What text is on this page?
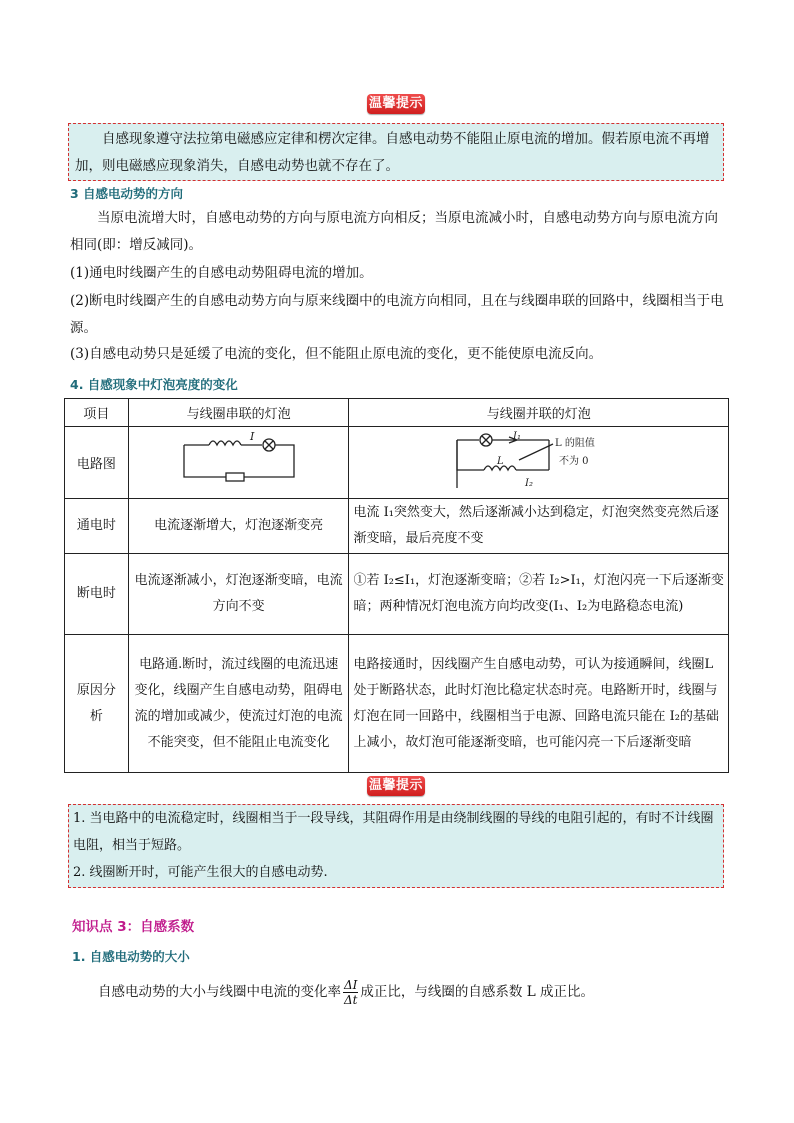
温馨提示
自感现象遵守法拉第电磁感应定律和楞次定律。自感电动势不能阻止原电流的增加。假若原电流不再增加，则电磁感应现象消失，自感电动势也就不存在了。
3 自感电动势的方向
当原电流增大时，自感电动势的方向与原电流方向相反；当原电流减小时，自感电动势方向与原电流方向相同(即：增反减同)。
(1)通电时线圈产生的自感电动势阻碍电流的增加。
(2)断电时线圈产生的自感电动势方向与原来线圈中的电流方向相同，且在与线圈串联的回路中，线圈相当于电源。
(3)自感电动势只是延缓了电流的变化，但不能阻止原电流的变化，更不能使原电流反向。
4. 自感现象中灯泡亮度的变化
项目	与线圈串联的灯泡	与线圈并联的灯泡
电路图	I	I₁
L
I₂
L 的阻值
不为 0

通电时	电流逐渐增大，灯泡逐渐变亮	电流 I₁突然变大，然后逐渐减小达到稳定，灯泡突然变亮然后逐渐变暗，最后亮度不变
断电时	电流逐渐减小，灯泡逐渐变暗，电流方向不变	①若 I₂≤I₁，灯泡逐渐变暗；②若 I₂>I₁，灯泡闪亮一下后逐渐变暗；两种情况灯泡电流方向均改变(I₁、I₂为电路稳态电流)
原因分析	电路通.断时，流过线圈的电流迅速变化，线圈产生自感电动势，阻碍电流的增加或减少，使流过灯泡的电流不能突变，但不能阻止电流变化	电路接通时，因线圈产生自感电动势，可认为接通瞬间，线圈L处于断路状态，此时灯泡比稳定状态时亮。电路断开时，线圈与灯泡在同一回路中，线圈相当于电源、回路电流只能在 I₂的基础上减小，故灯泡可能逐渐变暗，也可能闪亮一下后逐渐变暗
温馨提示
1. 当电路中的电流稳定时，线圈相当于一段导线，其阻碍作用是由绕制线圈的导线的电阻引起的，有时不计线圈电阻，相当于短路。
2. 线圈断开时，可能产生很大的自感电动势.
知识点 3：自感系数
1. 自感电动势的大小
自感电动势的大小与线圈中电流的变化率 $\frac{\Delta I}{\Delta t}$ 成正比，与线圈的自感系数 L 成正比。
